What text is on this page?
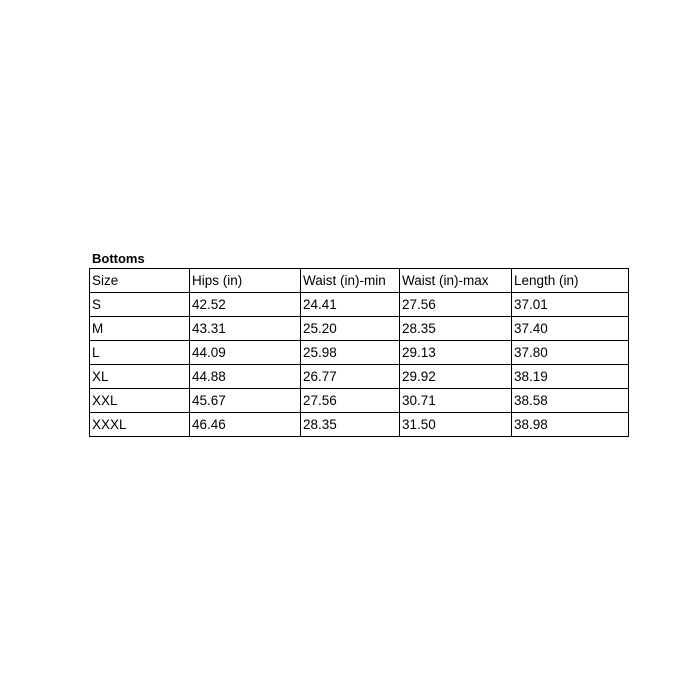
Bottoms
Size	Hips (in)	Waist (in)-min	Waist (in)-max	Length (in)
S	42.52	24.41	27.56	37.01
M	43.31	25.20	28.35	37.40
L	44.09	25.98	29.13	37.80
XL	44.88	26.77	29.92	38.19
XXL	45.67	27.56	30.71	38.58
XXXL	46.46	28.35	31.50	38.98
